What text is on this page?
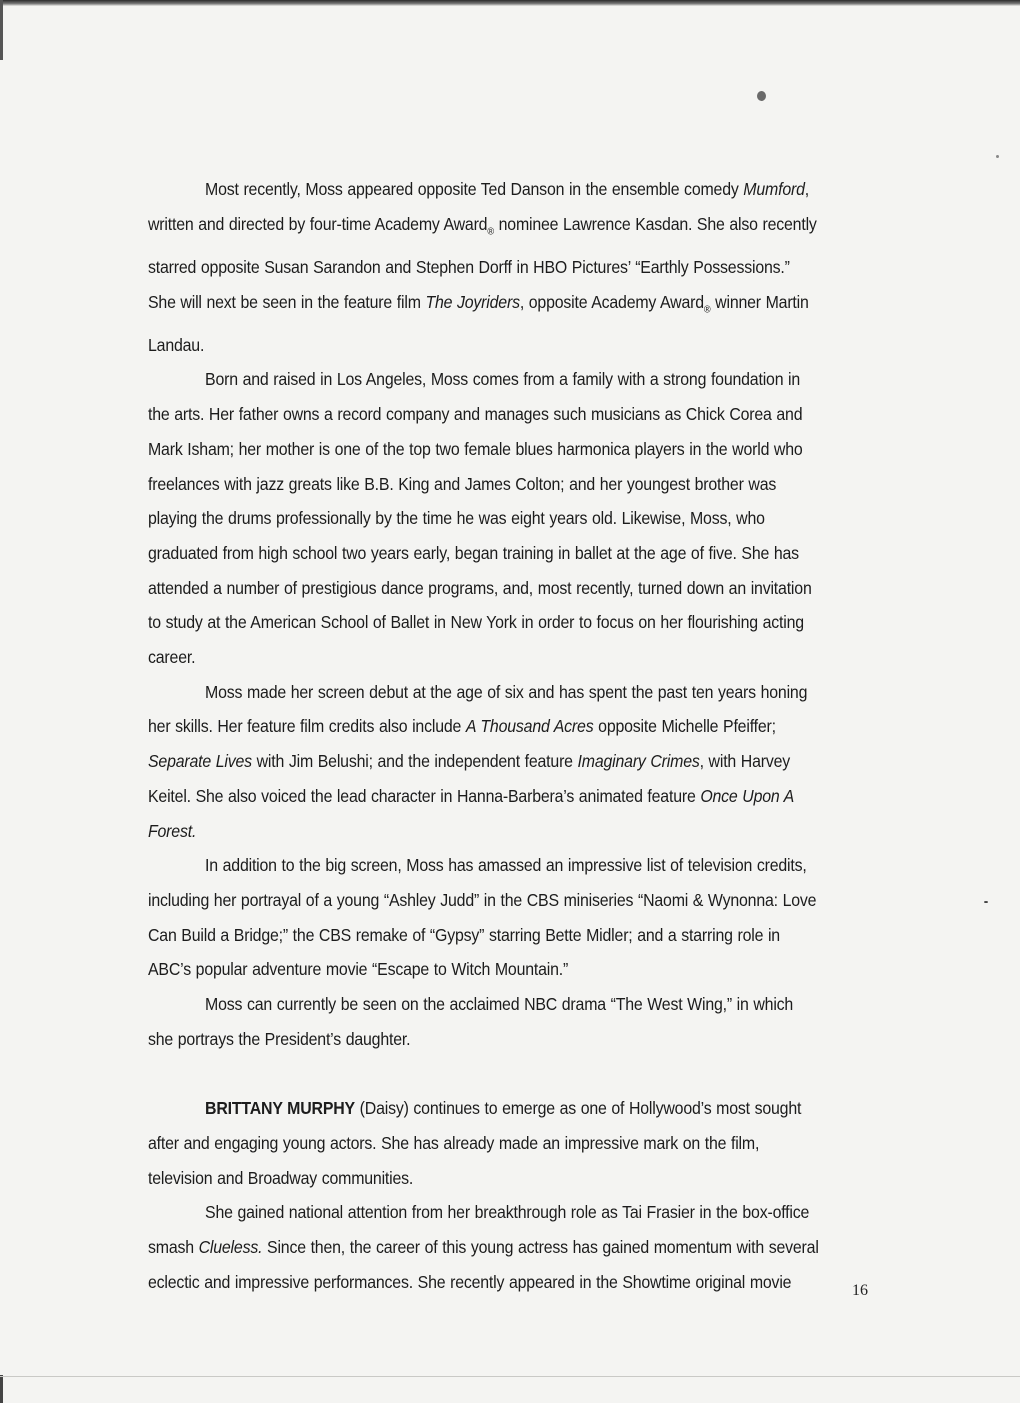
Most recently, Moss appeared opposite Ted Danson in the ensemble comedy Mumford, written and directed by four-time Academy Award$_®$ nominee Lawrence Kasdan. She also recently starred opposite Susan Sarandon and Stephen Dorff in HBO Pictures’ “Earthly Possessions.” She will next be seen in the feature film The Joyriders, opposite Academy Award$_®$ winner Martin Landau.

Born and raised in Los Angeles, Moss comes from a family with a strong foundation in the arts. Her father owns a record company and manages such musicians as Chick Corea and Mark Isham; her mother is one of the top two female blues harmonica players in the world who freelances with jazz greats like B.B. King and James Colton; and her youngest brother was playing the drums professionally by the time he was eight years old. Likewise, Moss, who graduated from high school two years early, began training in ballet at the age of five. She has attended a number of prestigious dance programs, and, most recently, turned down an invitation to study at the American School of Ballet in New York in order to focus on her flourishing acting career.

Moss made her screen debut at the age of six and has spent the past ten years honing her skills. Her feature film credits also include A Thousand Acres opposite Michelle Pfeiffer; Separate Lives with Jim Belushi; and the independent feature Imaginary Crimes, with Harvey Keitel. She also voiced the lead character in Hanna-Barbera’s animated feature Once Upon A Forest.

In addition to the big screen, Moss has amassed an impressive list of television credits, including her portrayal of a young “Ashley Judd” in the CBS miniseries “Naomi & Wynonna: Love Can Build a Bridge;” the CBS remake of “Gypsy” starring Bette Midler; and a starring role in ABC’s popular adventure movie “Escape to Witch Mountain.”

Moss can currently be seen on the acclaimed NBC drama “The West Wing,” in which she portrays the President’s daughter.

BRITTANY MURPHY (Daisy) continues to emerge as one of Hollywood’s most sought after and engaging young actors. She has already made an impressive mark on the film, television and Broadway communities.

She gained national attention from her breakthrough role as Tai Frasier in the box-office smash Clueless. Since then, the career of this young actress has gained momentum with several eclectic and impressive performances. She recently appeared in the Showtime original movie	16
